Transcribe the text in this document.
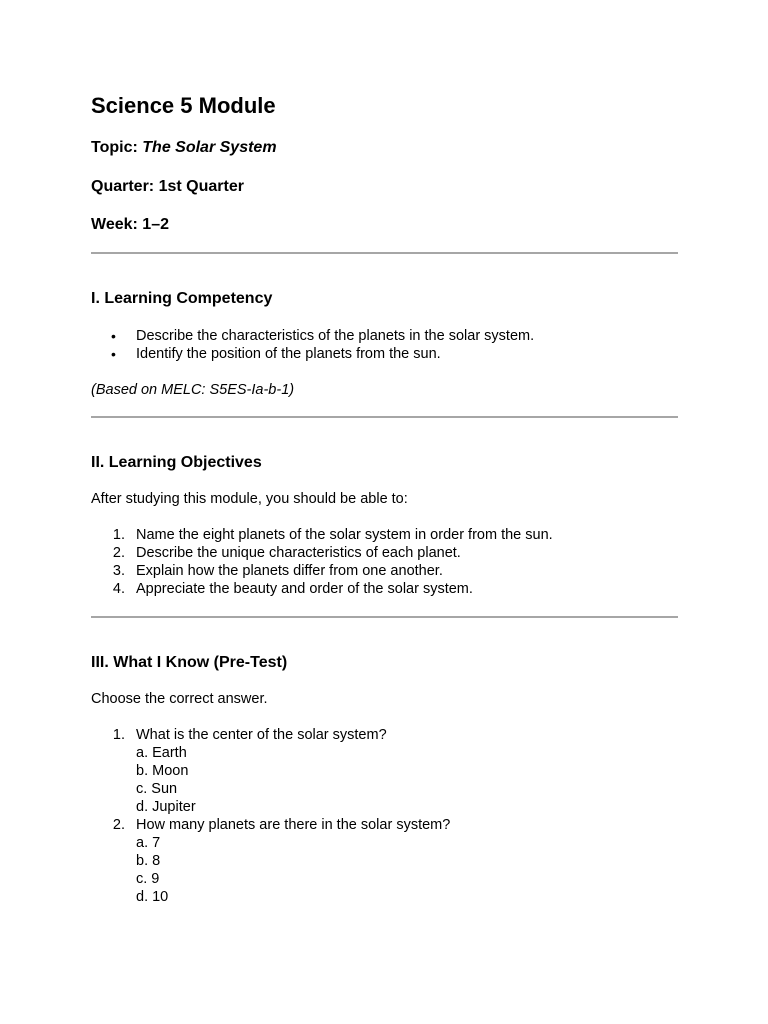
Science 5 Module

Topic: The Solar System

Quarter: 1st Quarter

Week: 1–2

I. Learning Competency
• Describe the characteristics of the planets in the solar system.
• Identify the position of the planets from the sun.

(Based on MELC: S5ES-Ia-b-1)

II. Learning Objectives

After studying this module, you should be able to:

1. Name the eight planets of the solar system in order from the sun.
2. Describe the unique characteristics of each planet.
3. Explain how the planets differ from one another.
4. Appreciate the beauty and order of the solar system.
III. What I Know (Pre-Test)

Choose the correct answer.

1. What is the center of the solar system?
a. Earth
b. Moon
c. Sun
d. Jupiter
2. How many planets are there in the solar system?
a. 7
b. 8
c. 9
d. 10
